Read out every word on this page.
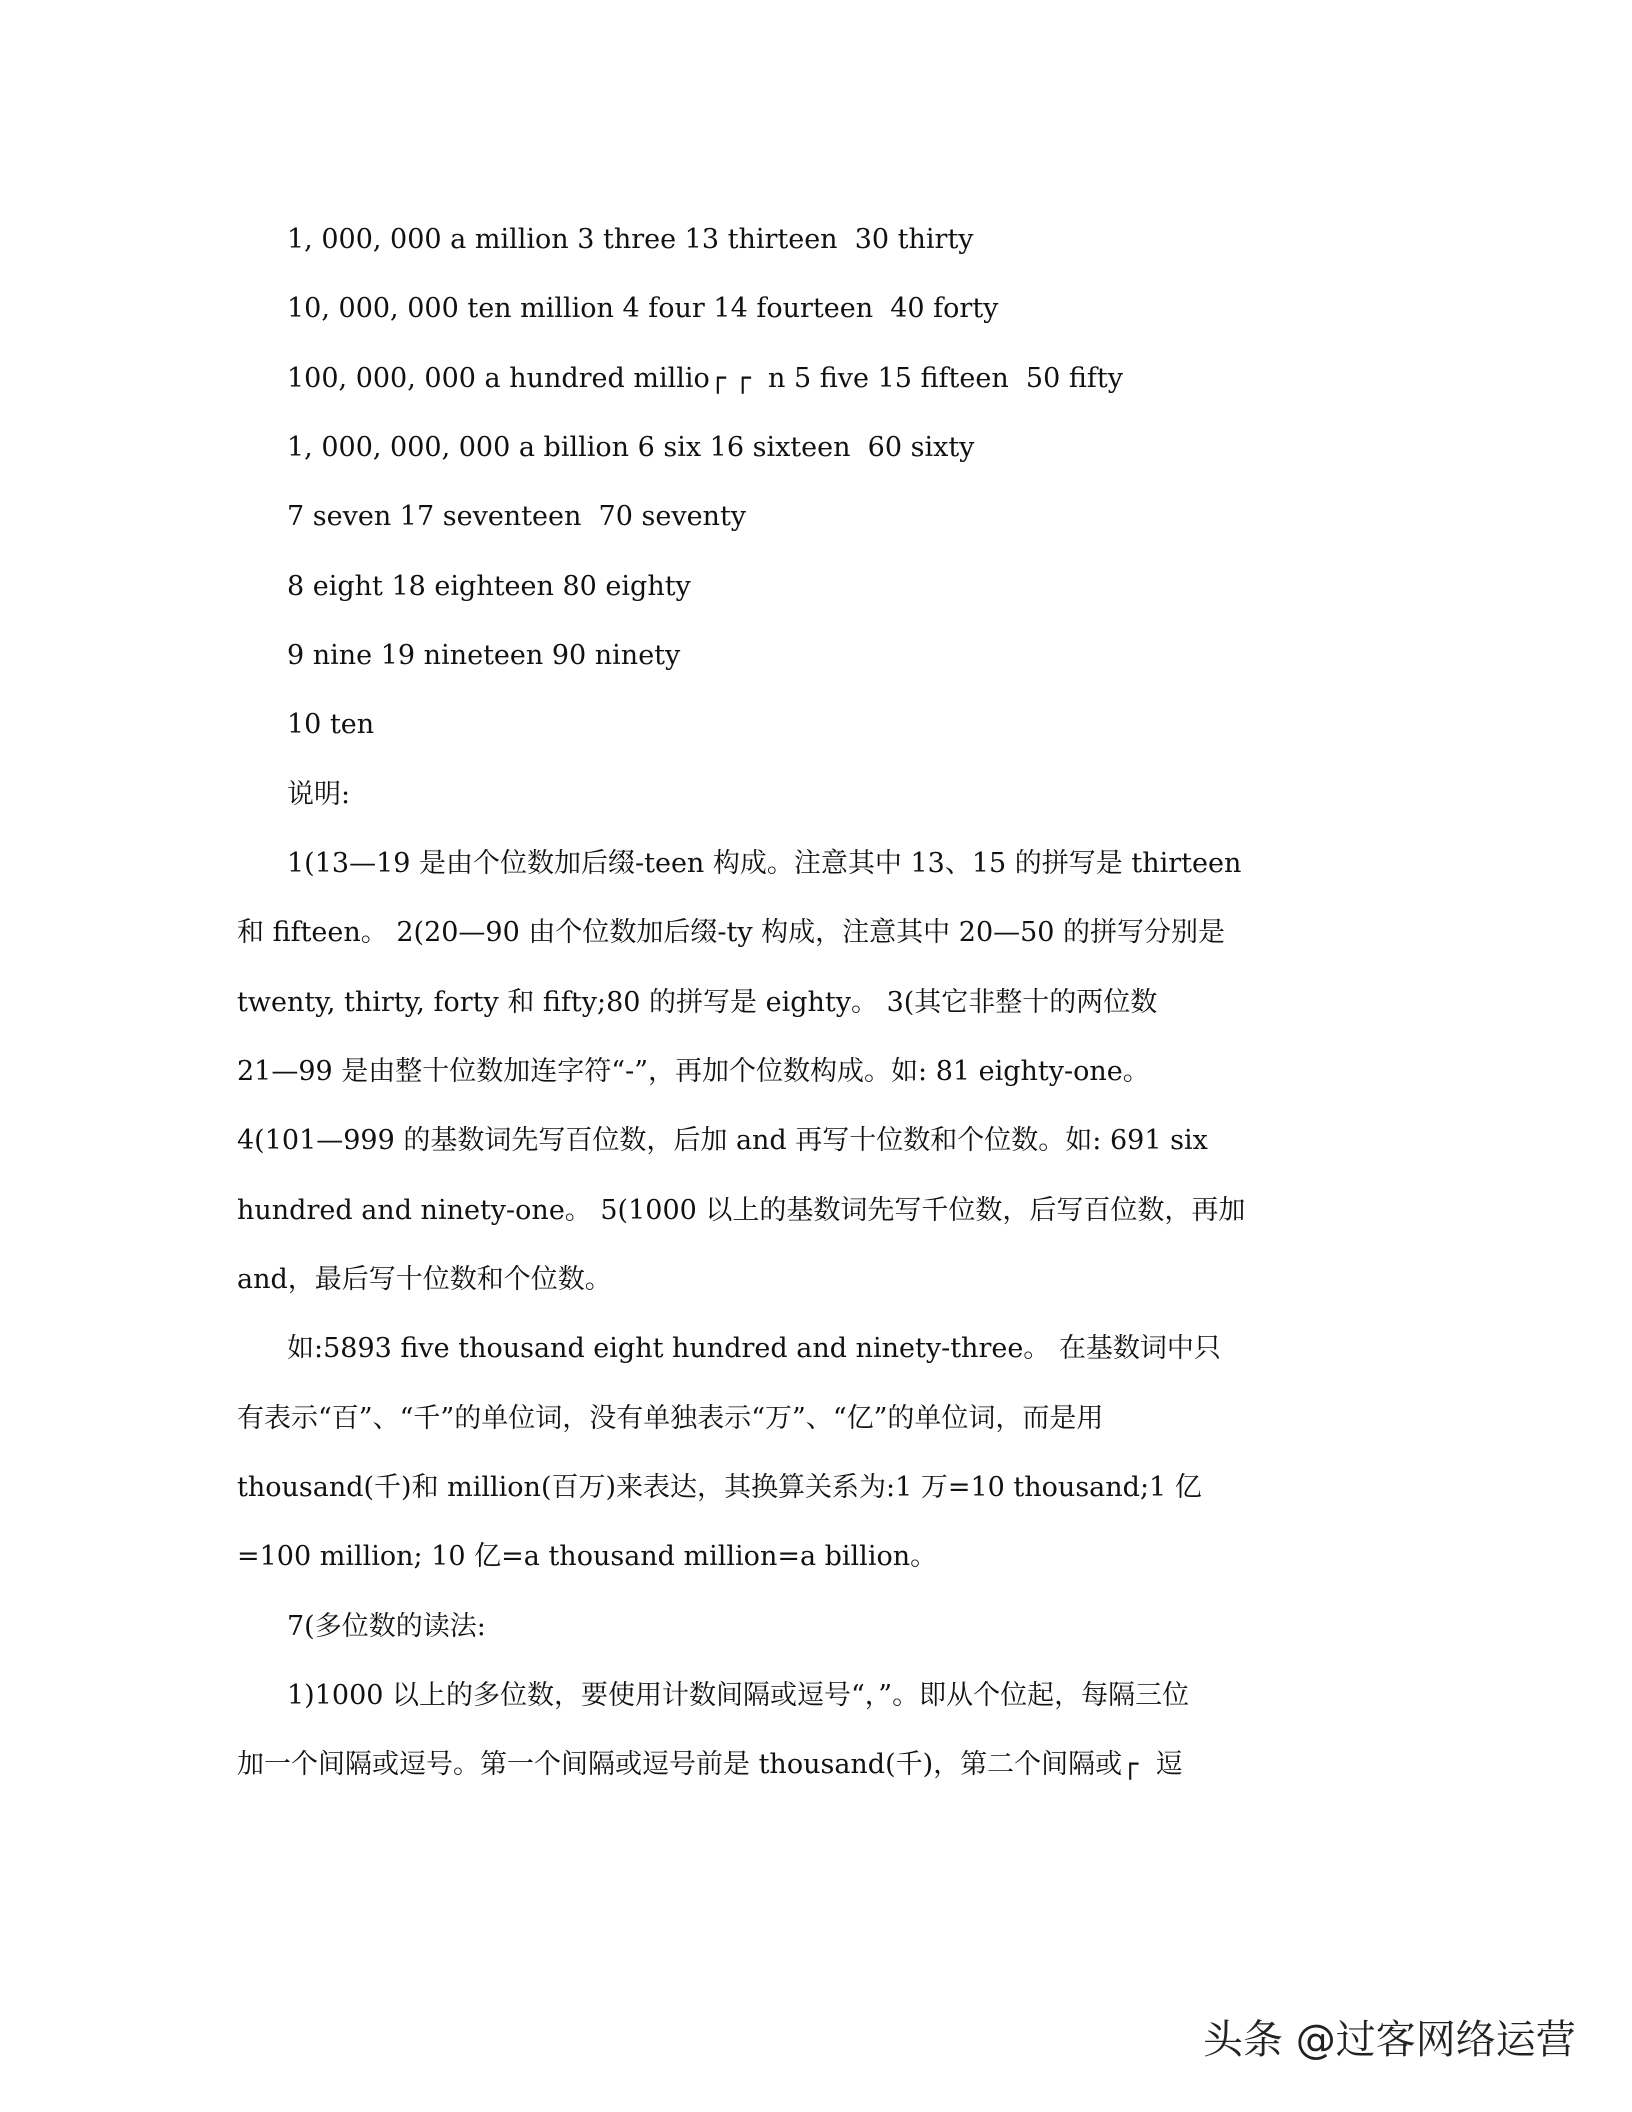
1, 000, 000 a million 3 three 13 thirteen  30 thirty
10, 000, 000 ten million 4 four 14 fourteen  40 forty
100, 000, 000 a hundred millio┌ ┌  n 5 five 15 fifteen  50 fifty
1, 000, 000, 000 a billion 6 six 16 sixteen  60 sixty
7 seven 17 seventeen  70 seventy
8 eight 18 eighteen 80 eighty
9 nine 19 nineteen 90 ninety
10 ten
说明:
1(13—19 是由个位数加后缀-teen 构成。注意其中 13、15 的拼写是 thirteen
和 fifteen。 2(20—90 由个位数加后缀-ty 构成，注意其中 20—50 的拼写分别是
twenty, thirty, forty 和 fifty;80 的拼写是 eighty。 3(其它非整十的两位数
21—99 是由整十位数加连字符“-”，再加个位数构成。如: 81 eighty-one。
4(101—999 的基数词先写百位数，后加 and 再写十位数和个位数。如: 691 six
hundred and ninety-one。 5(1000 以上的基数词先写千位数，后写百位数，再加
and，最后写十位数和个位数。
如:5893 five thousand eight hundred and ninety-three。 在基数词中只
有表示“百”、“千”的单位词，没有单独表示“万”、“亿”的单位词，而是用
thousand(千)和 million(百万)来表达，其换算关系为:1 万=10 thousand;1 亿
=100 million; 10 亿=a thousand million=a billion。
7(多位数的读法:
1)1000 以上的多位数，要使用计数间隔或逗号“，”。即从个位起，每隔三位
加一个间隔或逗号。第一个间隔或逗号前是 thousand(千)，第二个间隔或┌  逗
头条 @过客网络运营
